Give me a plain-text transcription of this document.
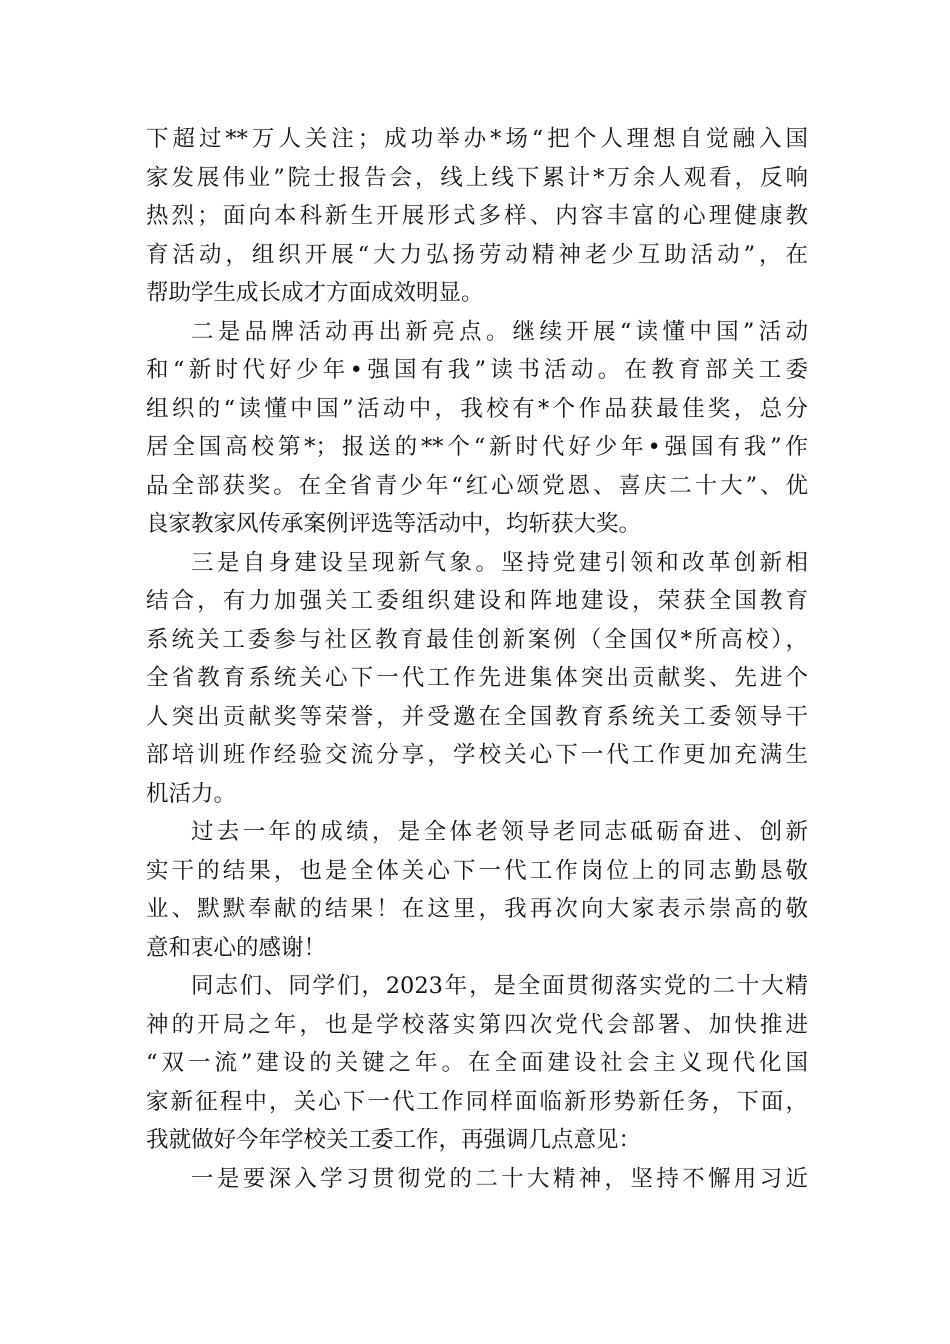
下超过**万人关注；成功举办*场“把个人理想自觉融入国
家发展伟业”院士报告会，线上线下累计*万余人观看，反响
热烈；面向本科新生开展形式多样、内容丰富的心理健康教
育活动，组织开展“大力弘扬劳动精神老少互助活动”，在
帮助学生成长成才方面成效明显。
二是品牌活动再出新亮点。继续开展“读懂中国”活动
和“新时代好少年•强国有我”读书活动。在教育部关工委
组织的“读懂中国”活动中，我校有*个作品获最佳奖，总分
居全国高校第*；报送的**个“新时代好少年•强国有我”作
品全部获奖。在全省青少年“红心颂党恩、喜庆二十大”、优
良家教家风传承案例评选等活动中，均斩获大奖。
三是自身建设呈现新气象。坚持党建引领和改革创新相
结合，有力加强关工委组织建设和阵地建设，荣获全国教育
系统关工委参与社区教育最佳创新案例（全国仅*所高校），
全省教育系统关心下一代工作先进集体突出贡献奖、先进个
人突出贡献奖等荣誉，并受邀在全国教育系统关工委领导干
部培训班作经验交流分享，学校关心下一代工作更加充满生
机活力。
过去一年的成绩，是全体老领导老同志砥砺奋进、创新
实干的结果，也是全体关心下一代工作岗位上的同志勤恳敬
业、默默奉献的结果！在这里，我再次向大家表示崇高的敬
意和衷心的感谢！
同志们、同学们，2023年，是全面贯彻落实党的二十大精
神的开局之年，也是学校落实第四次党代会部署、加快推进
“双一流”建设的关键之年。在全面建设社会主义现代化国
家新征程中，关心下一代工作同样面临新形势新任务，下面，
我就做好今年学校关工委工作，再强调几点意见：
一是要深入学习贯彻党的二十大精神，坚持不懈用习近
